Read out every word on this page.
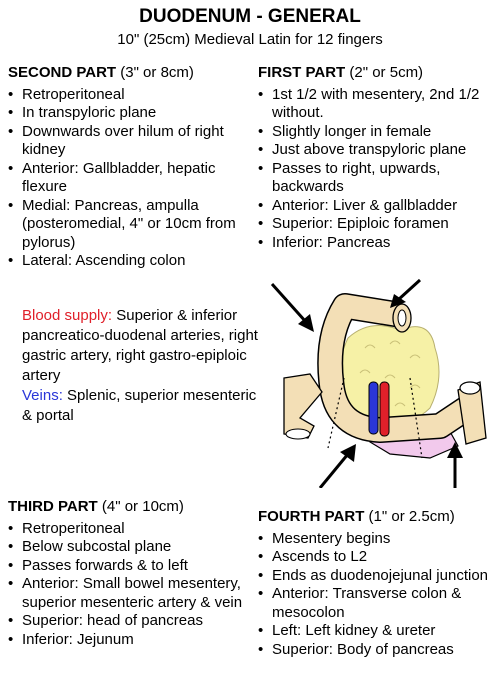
DUODENUM - GENERAL
10" (25cm) Medieval Latin for 12 fingers
SECOND PART (3" or 8cm)
• Retroperitoneal
• In transpyloric plane
• Downwards over hilum of right kidney
• Anterior: Gallbladder, hepatic flexure
• Medial: Pancreas, ampulla (posteromedial, 4" or 10cm from pylorus)
• Lateral: Ascending colon
FIRST PART (2" or 5cm)
• 1st 1/2 with mesentery, 2nd 1/2 without.
• Slightly longer in female
• Just above transpyloric plane
• Passes to right, upwards, backwards
• Anterior: Liver & gallbladder
• Superior: Epiploic foramen
• Inferior: Pancreas
Blood supply: Superior & inferior pancreatico-duodenal arteries, right gastric artery, right gastro-epiploic artery
Veins: Splenic, superior mesenteric & portal
THIRD PART (4" or 10cm)
• Retroperitoneal
• Below subcostal plane
• Passes forwards & to left
• Anterior: Small bowel mesentery, superior mesenteric artery & vein
• Superior: head of pancreas
• Inferior: Jejunum
FOURTH PART (1" or 2.5cm)
• Mesentery begins
• Ascends to L2
• Ends as duodenojejunal junction
• Anterior: Transverse colon & mesocolon
• Left: Left kidney & ureter
• Superior: Body of pancreas
